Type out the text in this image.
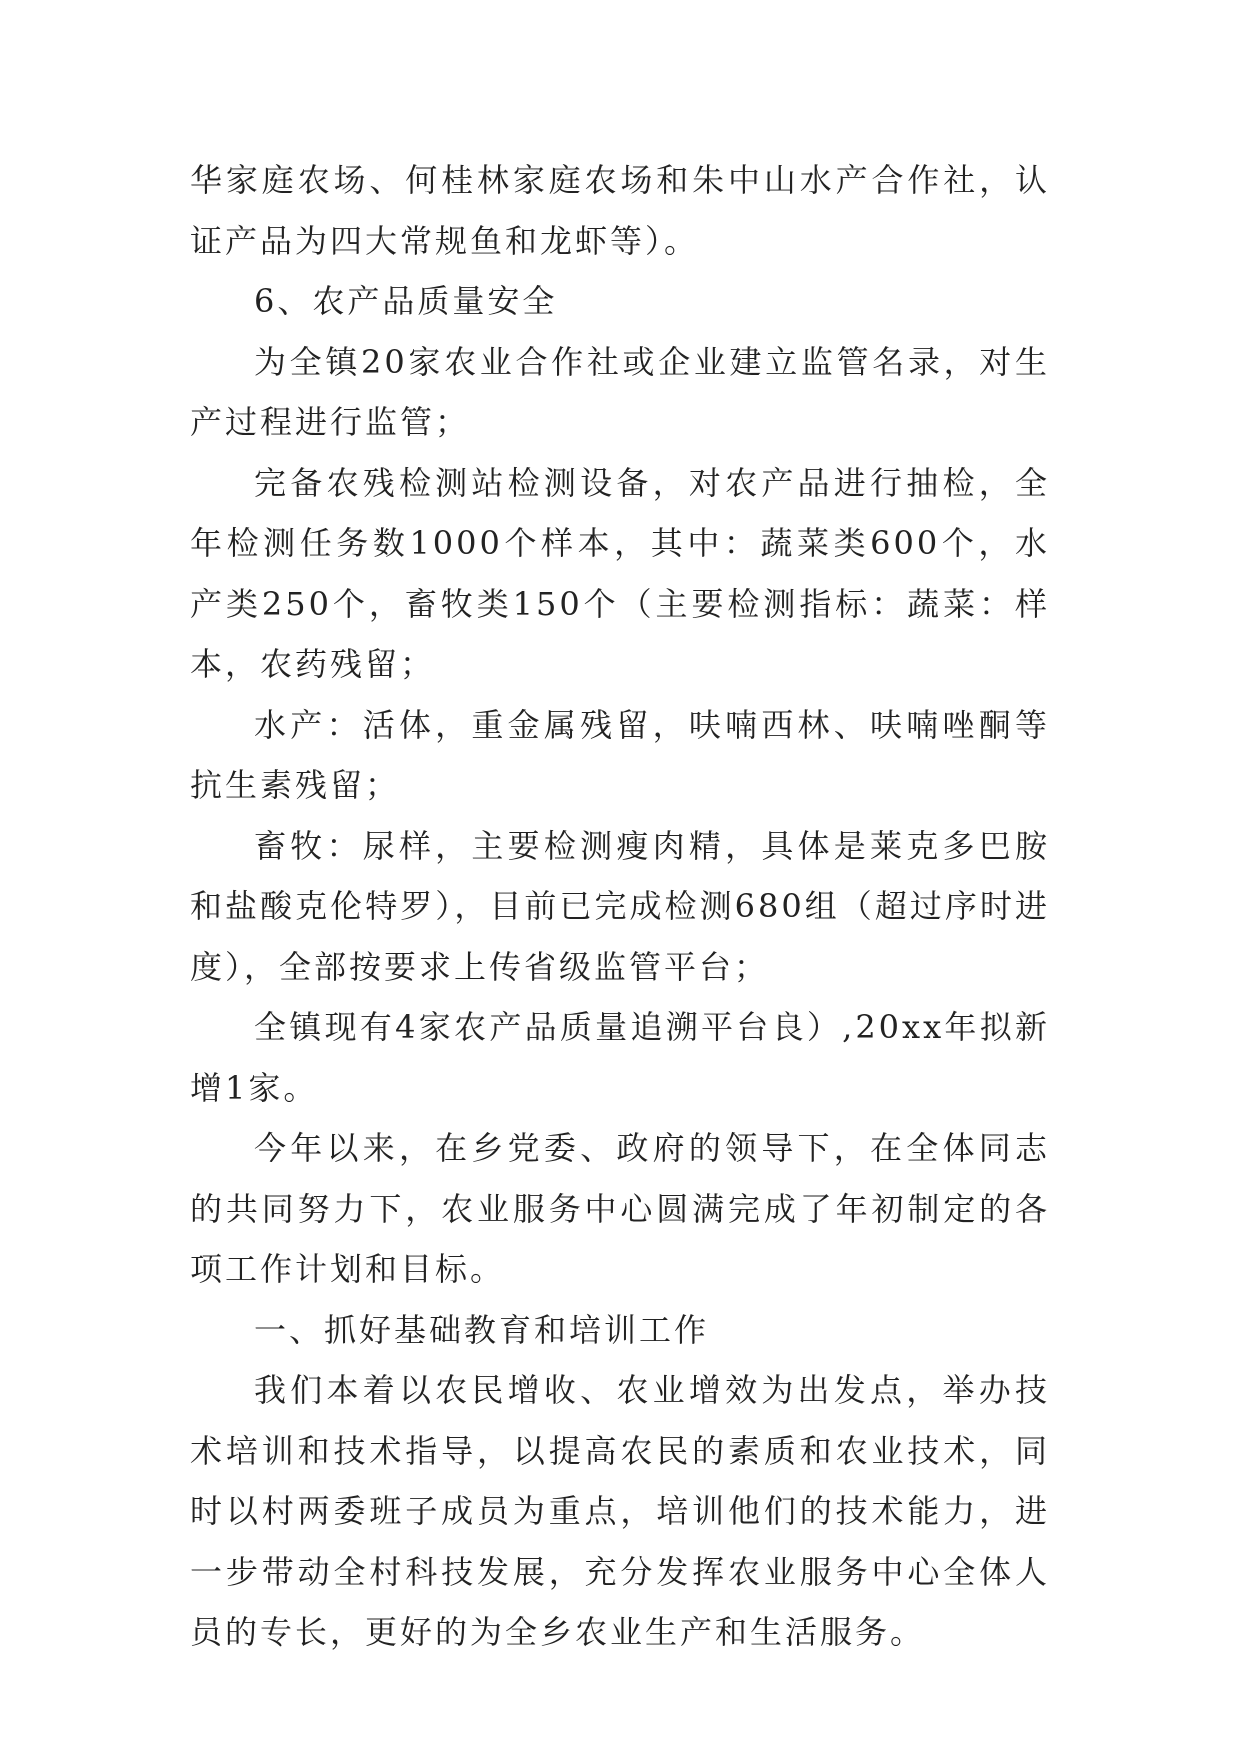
华家庭农场、何桂林家庭农场和朱中山水产合作社，认证产品为四大常规鱼和龙虾等）。

6、农产品质量安全

为全镇20家农业合作社或企业建立监管名录，对生产过程进行监管；

完备农残检测站检测设备，对农产品进行抽检，全年检测任务数1000个样本，其中：蔬菜类600个，水产类250个，畜牧类150个（主要检测指标：蔬菜：样本，农药残留；

水产：活体，重金属残留，呋喃西林、呋喃唑酮等抗生素残留；

畜牧：尿样，主要检测瘦肉精，具体是莱克多巴胺和盐酸克伦特罗），目前已完成检测680组（超过序时进度），全部按要求上传省级监管平台；

全镇现有4家农产品质量追溯平台良）,20xx年拟新增1家。

今年以来，在乡党委、政府的领导下，在全体同志的共同努力下，农业服务中心圆满完成了年初制定的各项工作计划和目标。

一、抓好基础教育和培训工作

我们本着以农民增收、农业增效为出发点，举办技术培训和技术指导，以提高农民的素质和农业技术，同时以村两委班子成员为重点，培训他们的技术能力，进一步带动全村科技发展，充分发挥农业服务中心全体人员的专长，更好的为全乡农业生产和生活服务。
